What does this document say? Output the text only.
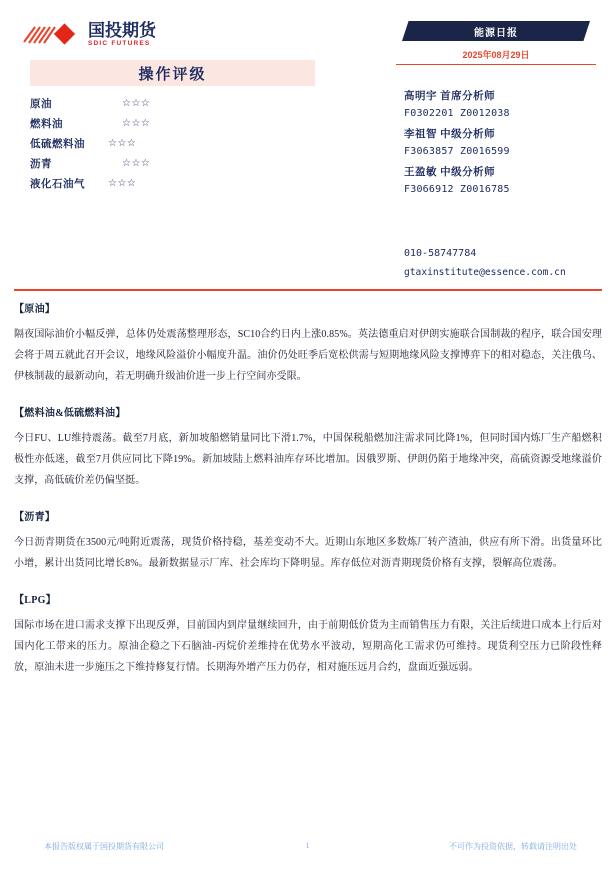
国投期货
SDIC FUTURES
操作评级
原油	☆☆☆
燃料油	☆☆☆
低硫燃料油	☆☆☆
沥青	☆☆☆
液化石油气	☆☆☆
能源日报
2025年08月29日
高明宇 首席分析师
F0302201 Z0012038
李祖智 中级分析师
F3063857 Z0016599
王盈敏 中级分析师
F3066912 Z0016785
010-58747784
gtaxinstitute@essence.com.cn
【原油】
隔夜国际油价小幅反弹，总体仍处震荡整理形态，SC10合约日内上涨0.85%。英法德重启对伊朗实施联合国制裁的程序，联合国安理会将于周五就此召开会议，地缘风险溢价小幅度升温。油价仍处旺季后宽松供需与短期地缘风险支撑博弈下的相对稳态，关注俄乌、伊核制裁的最新动向，若无明确升级油价进一步上行空间亦受限。
【燃料油&低硫燃料油】
今日FU、LU维持震荡。截至7月底，新加坡船燃销量同比下滑1.7%，中国保税船燃加注需求同比降1%，但同时国内炼厂生产船燃积极性亦低迷，截至7月供应同比下降19%。新加坡陆上燃料油库存环比增加。因俄罗斯、伊朗仍陷于地缘冲突，高硫资源受地缘溢价支撑，高低硫价差仍偏坚挺。
【沥青】
今日沥青期货在3500元/吨附近震荡，现货价格持稳，基差变动不大。近期山东地区多数炼厂转产渣油，供应有所下滑。出货量环比小增，累计出货同比增长8%。最新数据显示厂库、社会库均下降明显。库存低位对沥青期现货价格有支撑，裂解高位震荡。
【LPG】
国际市场在进口需求支撑下出现反弹，目前国内到岸量继续回升，由于前期低价货为主而销售压力有限，关注后续进口成本上行后对国内化工带来的压力。原油企稳之下石脑油-丙烷价差维持在优势水平波动，短期高化工需求仍可维持。现货利空压力已阶段性释放，原油未进一步施压之下维持修复行情。长期海外增产压力仍存，相对施压远月合约，盘面近强远弱。
本报告版权属于国投期货有限公司	1	不可作为投资依据，转载请注明出处
